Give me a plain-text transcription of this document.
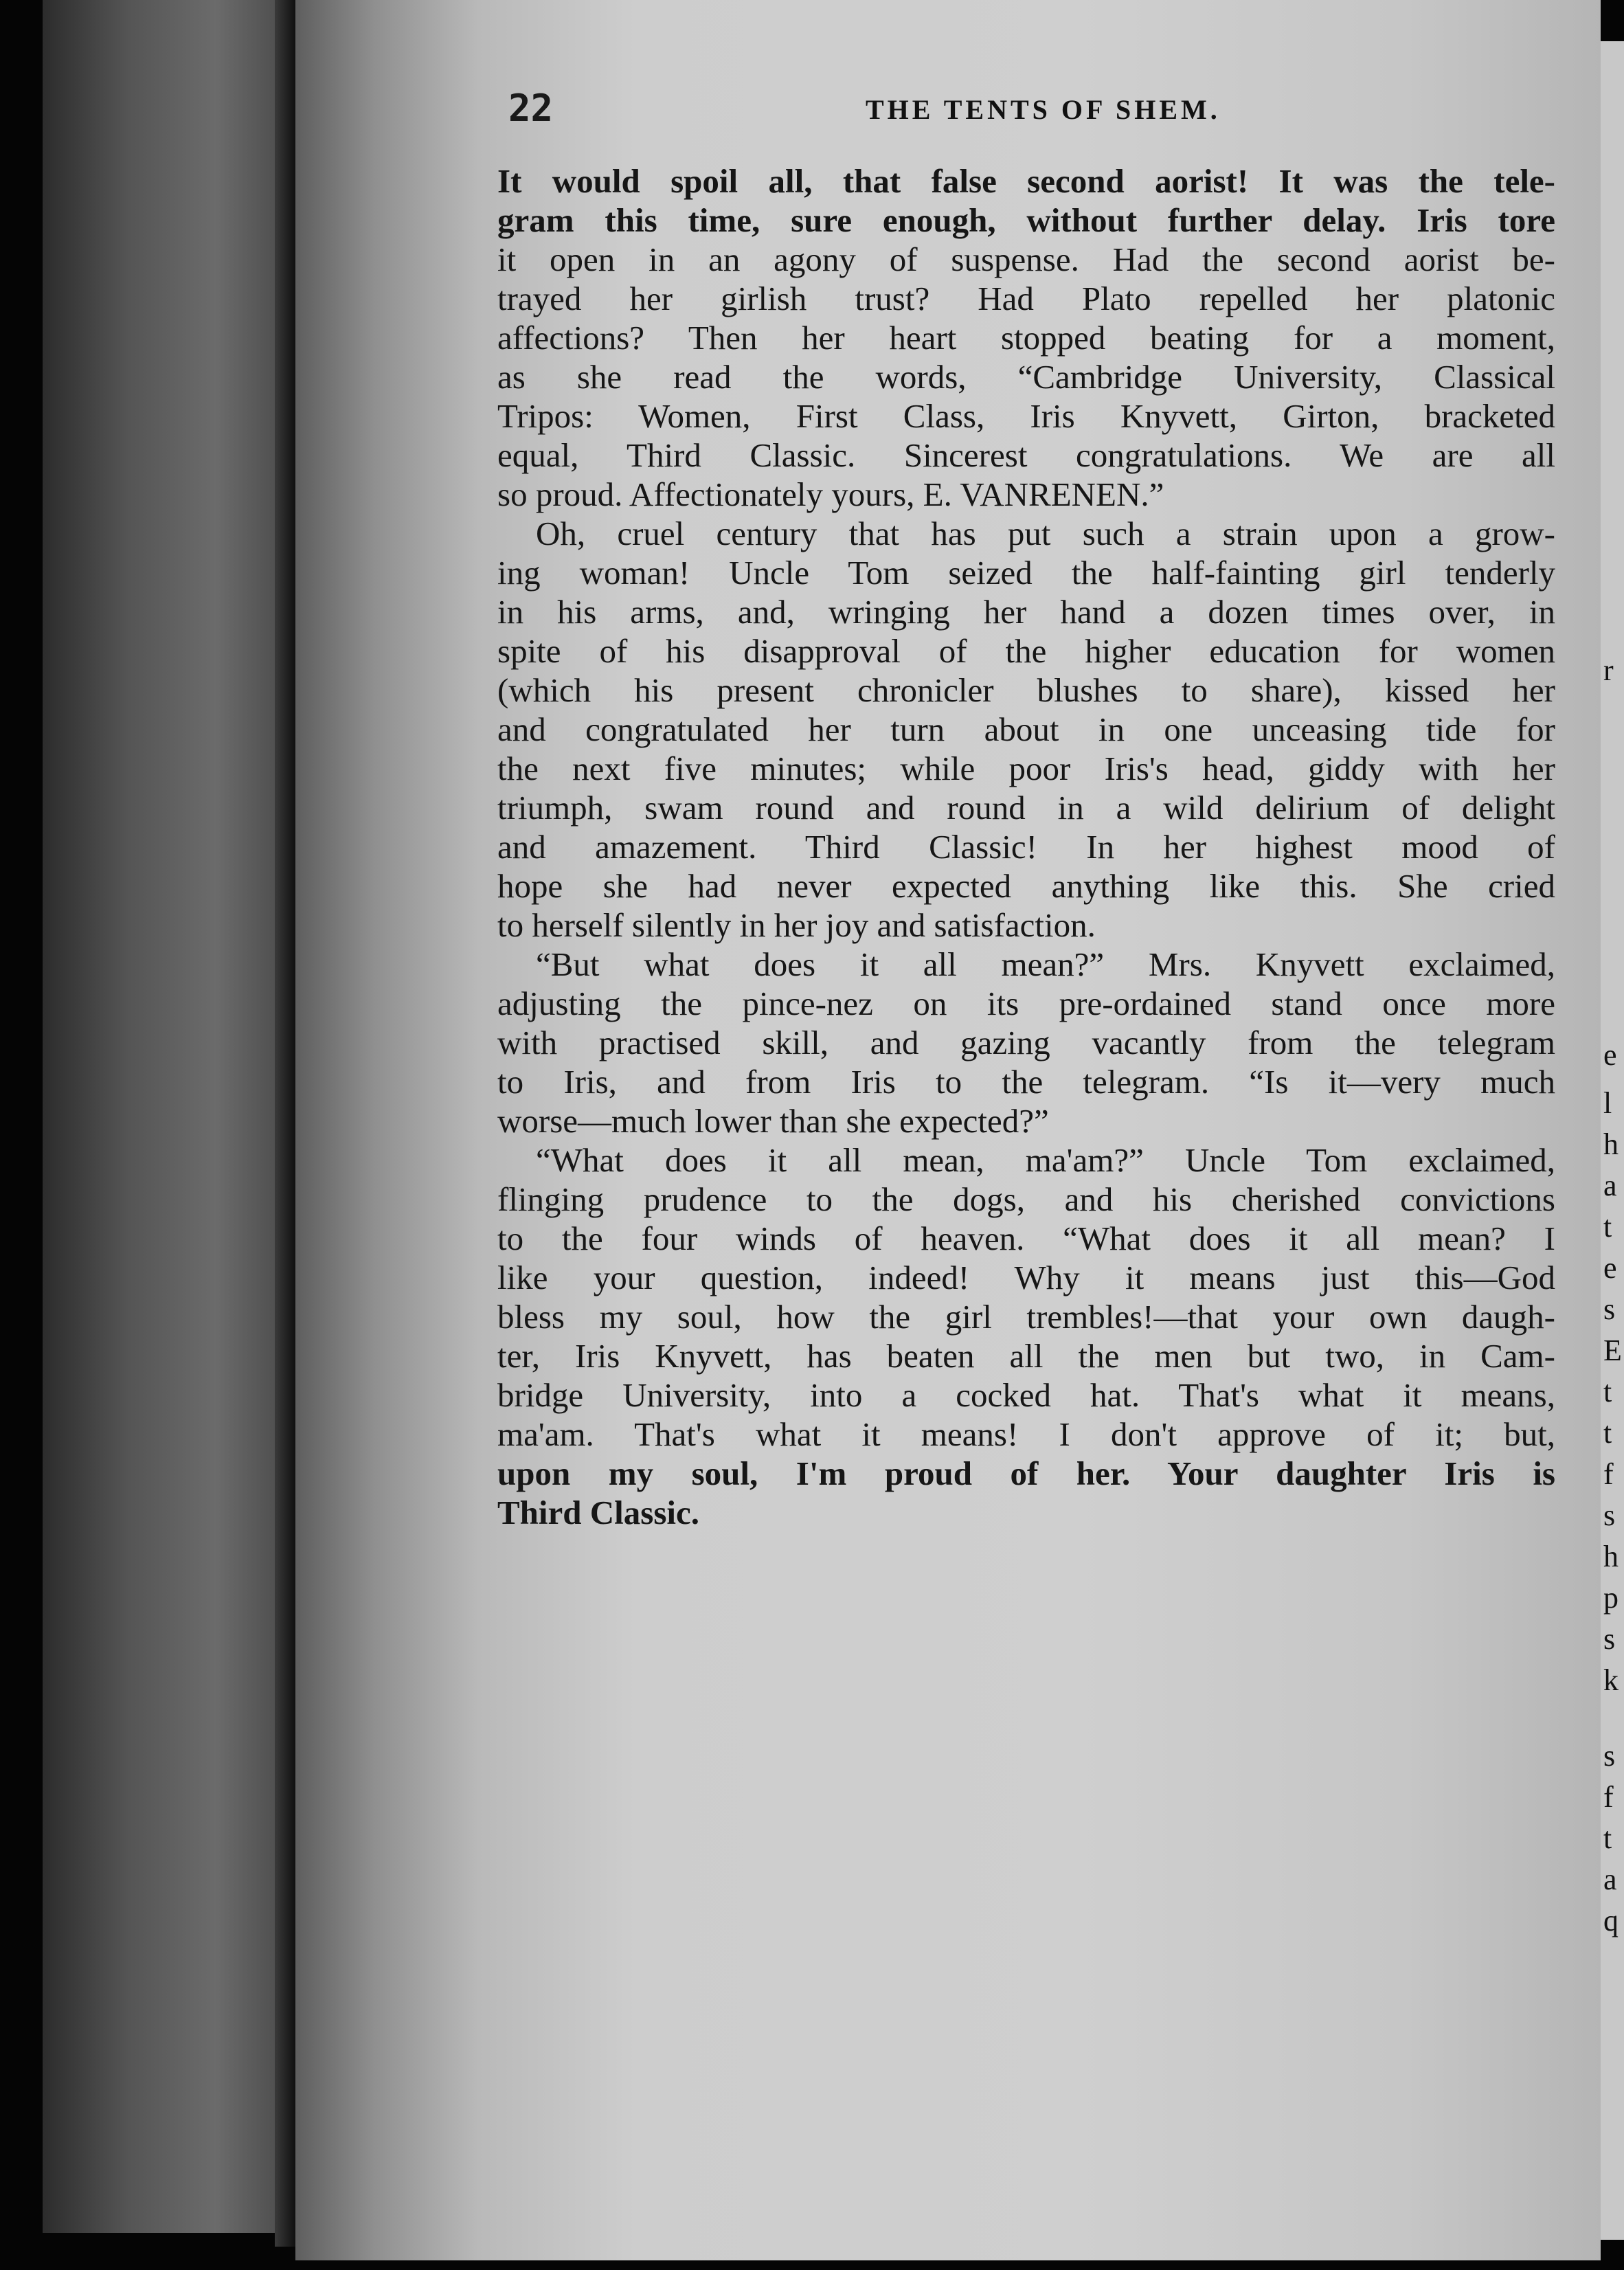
r
e
l
h
a
t
e
s
E
t
t
f
s
h
p
s
k
s
f
t
a
q
22	THE TENTS OF SHEM.
It would spoil all, that false second aorist! It was the tele-
gram this time, sure enough, without further delay. Iris tore
it open in an agony of suspense. Had the second aorist be-
trayed her girlish trust? Had Plato repelled her platonic
affections? Then her heart stopped beating for a moment,
as she read the words, “Cambridge University, Classical
Tripos: Women, First Class, Iris Knyvett, Girton, bracketed
equal, Third Classic. Sincerest congratulations. We are all
so proud. Affectionately yours, E. VANRENEN.”
Oh, cruel century that has put such a strain upon a grow-
ing woman! Uncle Tom seized the half-fainting girl tenderly
in his arms, and, wringing her hand a dozen times over, in
spite of his disapproval of the higher education for women
(which his present chronicler blushes to share), kissed her
and congratulated her turn about in one unceasing tide for
the next five minutes; while poor Iris's head, giddy with her
triumph, swam round and round in a wild delirium of delight
and amazement. Third Classic! In her highest mood of
hope she had never expected anything like this. She cried
to herself silently in her joy and satisfaction.
“But what does it all mean?” Mrs. Knyvett exclaimed,
adjusting the pince-nez on its pre-ordained stand once more
with practised skill, and gazing vacantly from the telegram
to Iris, and from Iris to the telegram. “Is it—very much
worse—much lower than she expected?”
“What does it all mean, ma'am?” Uncle Tom exclaimed,
flinging prudence to the dogs, and his cherished convictions
to the four winds of heaven. “What does it all mean? I
like your question, indeed! Why it means just this—God
bless my soul, how the girl trembles!—that your own daugh-
ter, Iris Knyvett, has beaten all the men but two, in Cam-
bridge University, into a cocked hat. That's what it means,
ma'am. That's what it means! I don't approve of it; but,
upon my soul, I'm proud of her. Your daughter Iris is
Third Classic.
